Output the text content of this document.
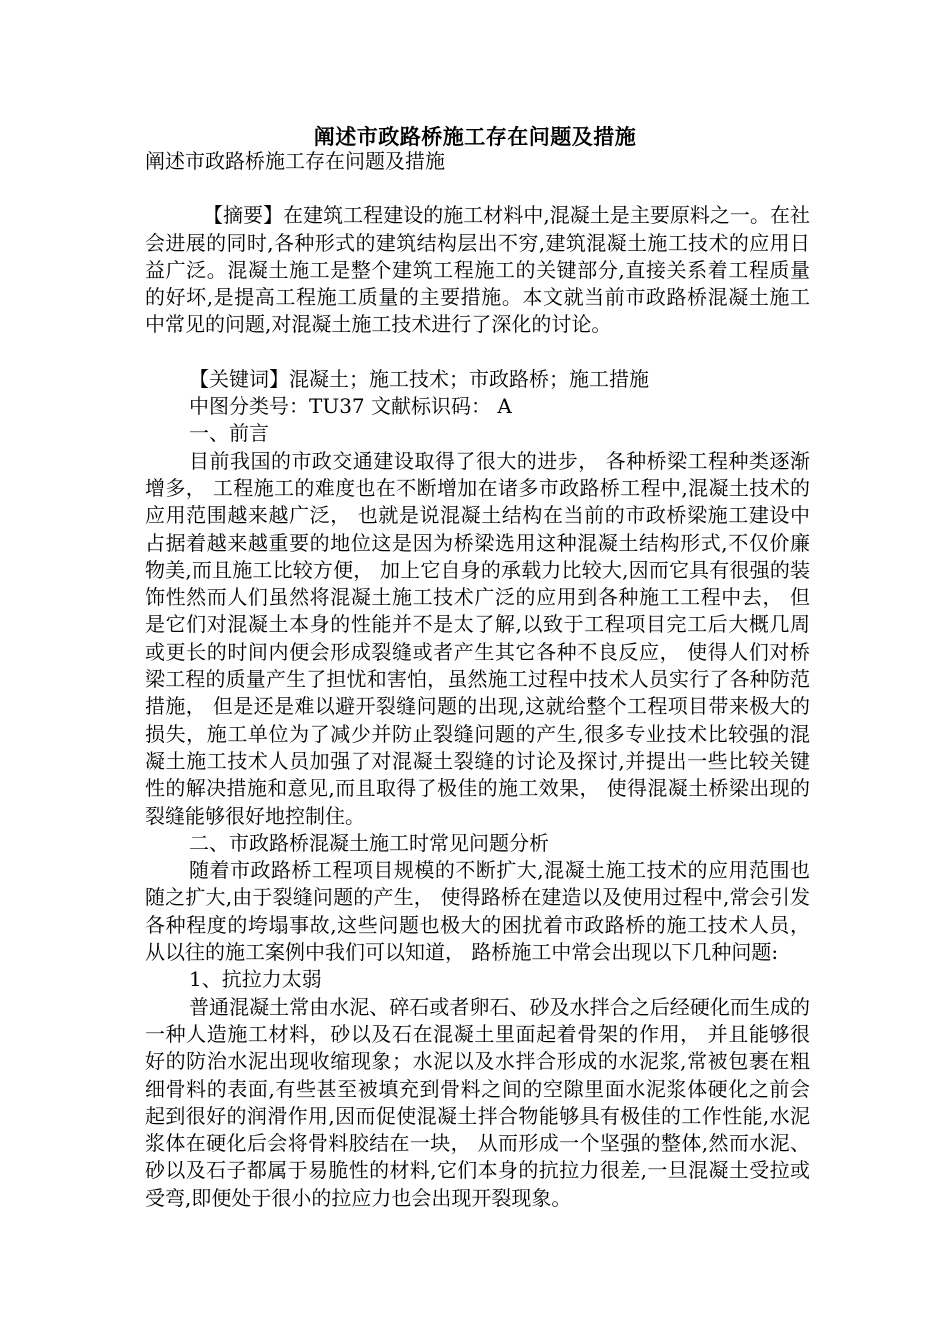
阐述市政路桥施工存在问题及措施

阐述市政路桥施工存在问题及措施

【摘要】在建筑工程建设的施工材料中,混凝土是主要原料之一。在社会进展的同时,各种形式的建筑结构层出不穷,建筑混凝土施工技术的应用日益广泛。混凝土施工是整个建筑工程施工的关键部分,直接关系着工程质量的好坏,是提高工程施工质量的主要措施。本文就当前市政路桥混凝土施工中常见的问题,对混凝土施工技术进行了深化的讨论。

【关键词】混凝土；施工技术；市政路桥；施工措施

中图分类号：TU37 文献标识码： A

一、前言

目前我国的市政交通建设取得了很大的进步， 各种桥梁工程种类逐渐增多， 工程施工的难度也在不断增加在诸多市政路桥工程中,混凝土技术的应用范围越来越广泛， 也就是说混凝土结构在当前的市政桥梁施工建设中占据着越来越重要的地位这是因为桥梁选用这种混凝土结构形式,不仅价廉物美,而且施工比较方便， 加上它自身的承载力比较大,因而它具有很强的装饰性然而人们虽然将混凝土施工技术广泛的应用到各种施工工程中去， 但是它们对混凝土本身的性能并不是太了解,以致于工程项目完工后大概几周或更长的时间内便会形成裂缝或者产生其它各种不良反应， 使得人们对桥梁工程的质量产生了担忧和害怕，虽然施工过程中技术人员实行了各种防范措施， 但是还是难以避开裂缝问题的出现,这就给整个工程项目带来极大的损失，施工单位为了减少并防止裂缝问题的产生,很多专业技术比较强的混凝土施工技术人员加强了对混凝土裂缝的讨论及探讨,并提出一些比较关键性的解决措施和意见,而且取得了极佳的施工效果， 使得混凝土桥梁出现的裂缝能够很好地控制住。

二、市政路桥混凝土施工时常见问题分析

随着市政路桥工程项目规模的不断扩大,混凝土施工技术的应用范围也随之扩大,由于裂缝问题的产生， 使得路桥在建造以及使用过程中,常会引发各种程度的垮塌事故,这些问题也极大的困扰着市政路桥的施工技术人员，从以往的施工案例中我们可以知道， 路桥施工中常会出现以下几种问题:

1、抗拉力太弱

普通混凝土常由水泥、碎石或者卵石、砂及水拌合之后经硬化而生成的一种人造施工材料，砂以及石在混凝土里面起着骨架的作用， 并且能够很好的防治水泥出现收缩现象；水泥以及水拌合形成的水泥浆,常被包裹在粗细骨料的表面,有些甚至被填充到骨料之间的空隙里面水泥浆体硬化之前会起到很好的润滑作用,因而促使混凝土拌合物能够具有极佳的工作性能,水泥浆体在硬化后会将骨料胶结在一块， 从而形成一个坚强的整体,然而水泥、砂以及石子都属于易脆性的材料,它们本身的抗拉力很差,一旦混凝土受拉或受弯,即便处于很小的拉应力也会出现开裂现象。
